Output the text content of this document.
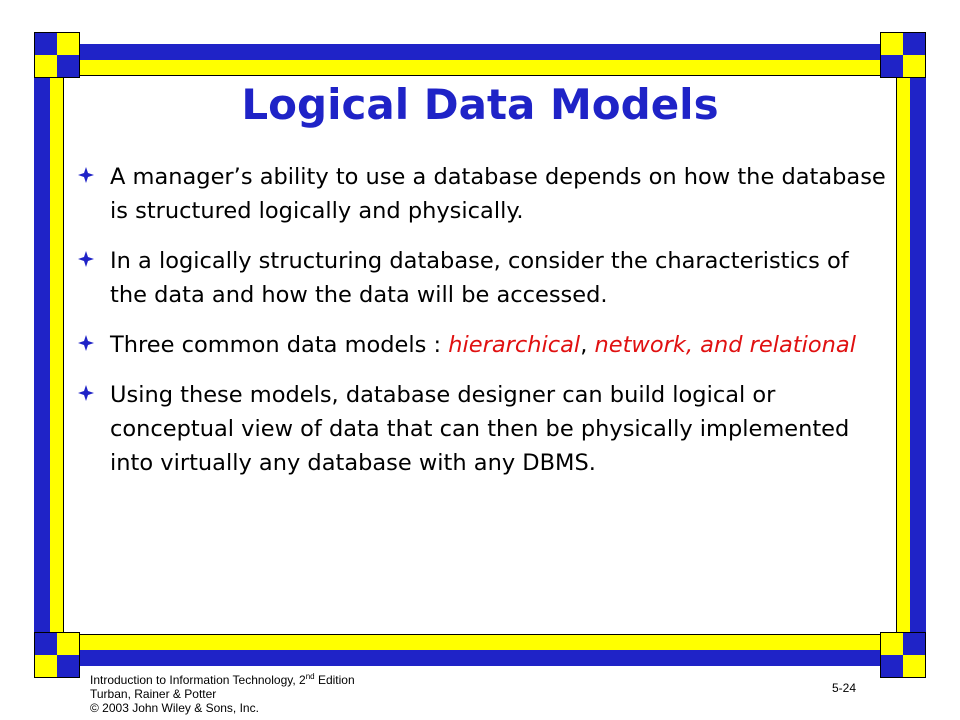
Logical Data Models
A manager’s ability to use a database depends on how the database is structured logically and physically.
In a logically structuring database, consider the characteristics of the data and how the data will be accessed.
Three common data models : hierarchical, network, and relational
Using these models, database designer can build logical or conceptual view of data that can then be physically implemented into virtually any database with any DBMS.
Introduction to Information Technology, 2nd Edition
Turban, Rainer & Potter
© 2003 John Wiley & Sons, Inc.
5-24
